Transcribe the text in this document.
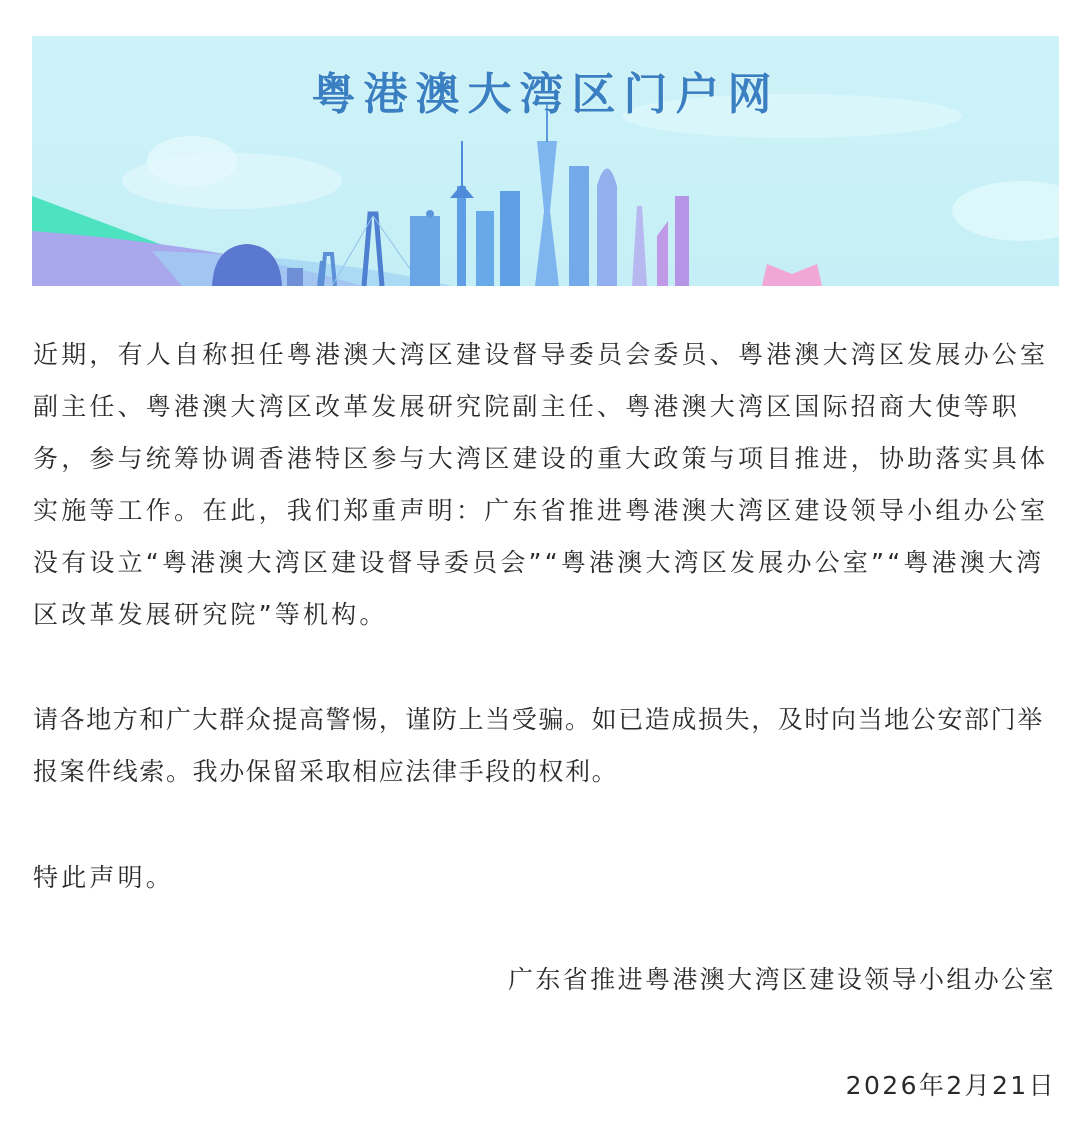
粤港澳大湾区门户网

近期，有人自称担任粤港澳大湾区建设督导委员会委员、粤港澳大湾区发展办公室副主任、粤港澳大湾区改革发展研究院副主任、粤港澳大湾区国际招商大使等职务，参与统筹协调香港特区参与大湾区建设的重大政策与项目推进，协助落实具体实施等工作。在此，我们郑重声明：广东省推进粤港澳大湾区建设领导小组办公室没有设立“粤港澳大湾区建设督导委员会”“粤港澳大湾区发展办公室”“粤港澳大湾区改革发展研究院”等机构。

请各地方和广大群众提高警惕，谨防上当受骗。如已造成损失，及时向当地公安部门举报案件线索。我办保留采取相应法律手段的权利。

特此声明。

广东省推进粤港澳大湾区建设领导小组办公室
2026年2月21日
